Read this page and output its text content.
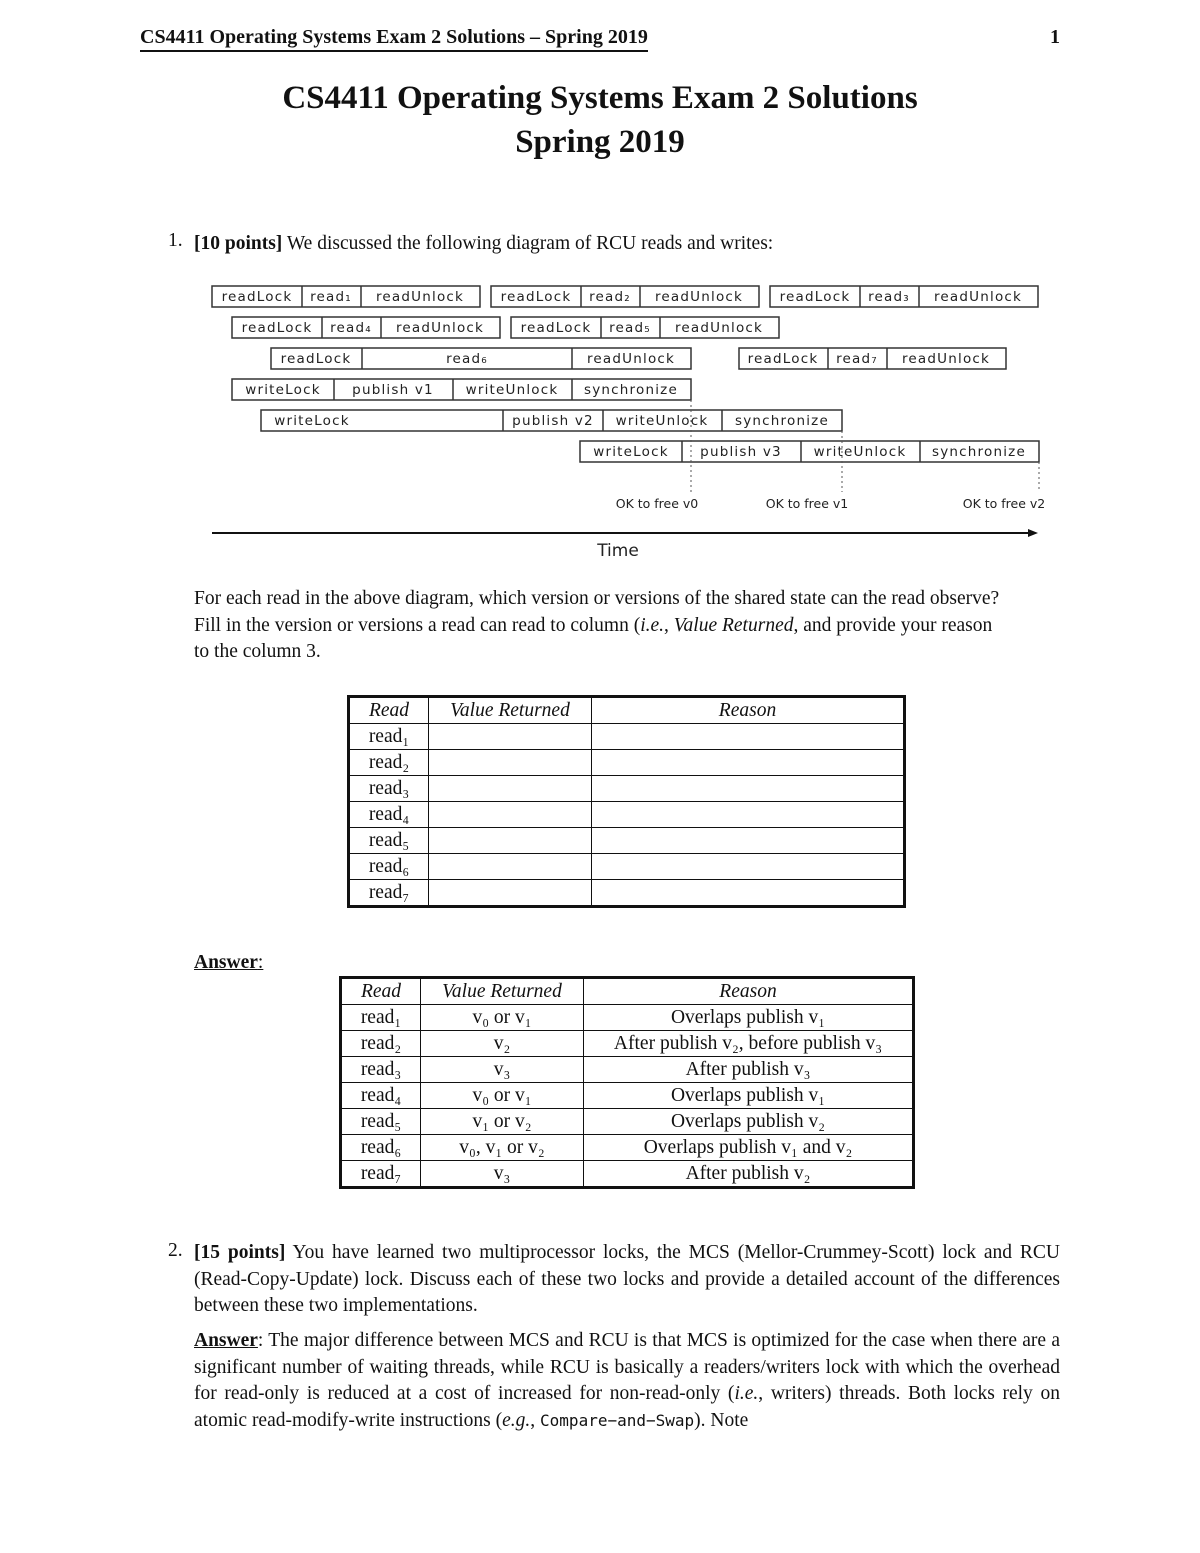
CS4411 Operating Systems Exam 2 Solutions – Spring 2019	1
CS4411 Operating Systems Exam 2 Solutions
Spring 2019
1. [10 points] We discussed the following diagram of RCU reads and writes:
readLock read₁ readUnlock	readLock read₂ readUnlock	readLock read₃ readUnlock
readLock read₄ readUnlock	readLock read₅ readUnlock
readLock	read₆	readUnlock	readLock read₇ readUnlock
writeLock publish v1 writeUnlock synchronize
writeLock	publish v2 writeUnlock synchronize
writeLock publish v3 writeUnlock synchronize
OK to free v0	OK to free v1	OK to free v2
Time
For each read in the above diagram, which version or versions of the shared state can the read observe?
Fill in the version or versions a read can read to column (i.e., Value Returned, and provide your reason
to the column 3.
Read	Value Returned	Reason
read₁		
read₂		
read₃		
read₄		
read₅		
read₆		
read₇		
Answer:
Read	Value Returned	Reason
read₁	v₀ or v₁	Overlaps publish v₁
read₂	v₂	After publish v₂, before publish v₃
read₃	v₃	After publish v₃
read₄	v₀ or v₁	Overlaps publish v₁
read₅	v₁ or v₂	Overlaps publish v₂
read₆	v₀, v₁ or v₂	Overlaps publish v₁ and v₂
read₇	v₃	After publish v₂
2. [15 points] You have learned two multiprocessor locks, the MCS (Mellor-Crummey-Scott) lock and RCU (Read-Copy-Update) lock. Discuss each of these two locks and provide a detailed account of the differences between these two implementations.
Answer: The major difference between MCS and RCU is that MCS is optimized for the case when there are a significant number of waiting threads, while RCU is basically a readers/writers lock with which the overhead for read-only is reduced at a cost of increased for non-read-only (i.e., writers) threads. Both locks rely on atomic read-modify-write instructions (e.g., Compare−and−Swap). Note
